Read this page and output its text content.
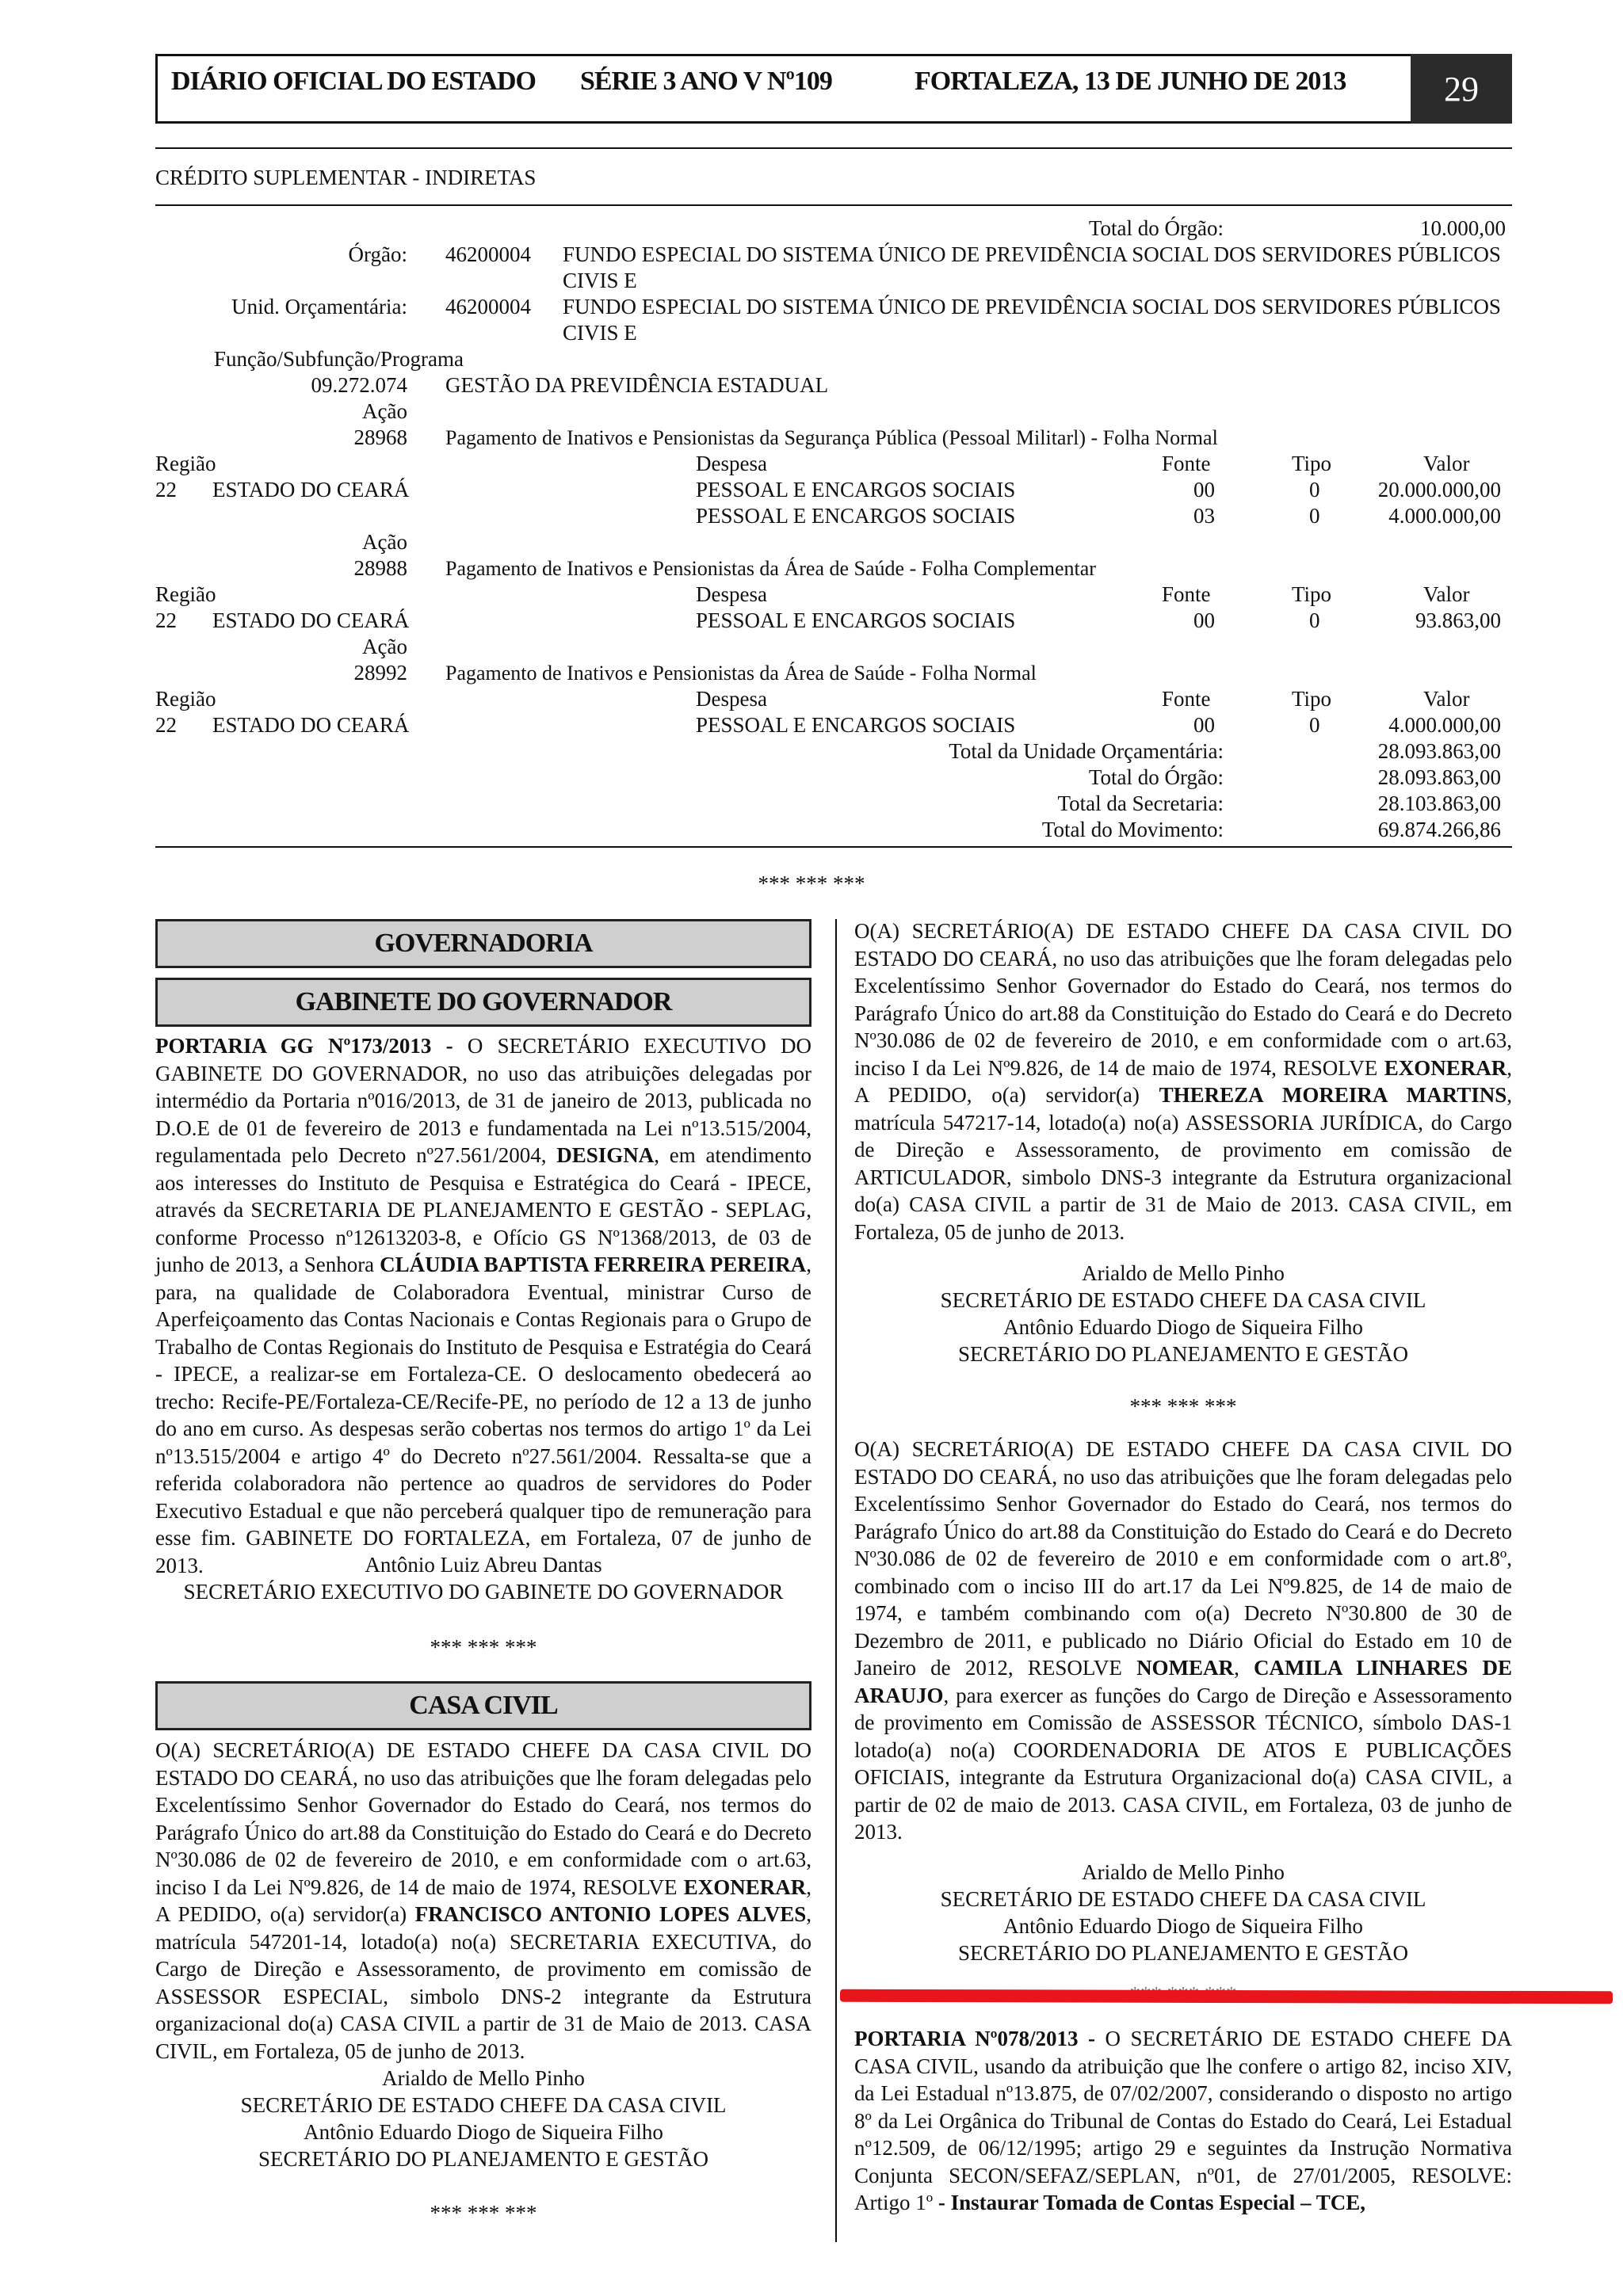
DIÁRIO OFICIAL DO ESTADO SÉRIE 3 ANO V Nº109	FORTALEZA, 13 DE JUNHO DE 2013	29
CRÉDITO SUPLEMENTAR - INDIRETAS
Total do Órgão:	10.000,00
Órgão: 46200004 FUNDO ESPECIAL DO SISTEMA ÚNICO DE PREVIDÊNCIA SOCIAL DOS SERVIDORES PÚBLICOS
CIVIS E
Unid. Orçamentária: 46200004 FUNDO ESPECIAL DO SISTEMA ÚNICO DE PREVIDÊNCIA SOCIAL DOS SERVIDORES PÚBLICOS
CIVIS E
Função/Subfunção/Programa
09.272.074 GESTÃO DA PREVIDÊNCIA ESTADUAL
Ação
28968 Pagamento de Inativos e Pensionistas da Segurança Pública (Pessoal Militarl) - Folha Normal
Região	Despesa	Fonte	Tipo	Valor
22 ESTADO DO CEARÁ	PESSOAL E ENCARGOS SOCIAIS	00	0	20.000.000,00
PESSOAL E ENCARGOS SOCIAIS	03	0	4.000.000,00
Ação
28988 Pagamento de Inativos e Pensionistas da Área de Saúde - Folha Complementar
Região	Despesa	Fonte	Tipo	Valor
22 ESTADO DO CEARÁ	PESSOAL E ENCARGOS SOCIAIS	00	0	93.863,00
Ação
28992 Pagamento de Inativos e Pensionistas da Área de Saúde - Folha Normal
Região	Despesa	Fonte	Tipo	Valor
22 ESTADO DO CEARÁ	PESSOAL E ENCARGOS SOCIAIS	00	0	4.000.000,00
Total da Unidade Orçamentária:	28.093.863,00
Total do Órgão:	28.093.863,00
Total da Secretaria:	28.103.863,00
Total do Movimento:	69.874.266,86
*** *** ***
GOVERNADORIA
GABINETE DO GOVERNADOR

PORTARIA GG Nº173/2013 - O SECRETÁRIO EXECUTIVO DO GABINETE DO GOVERNADOR, no uso das atribuições delegadas por intermédio da Portaria nº016/2013, de 31 de janeiro de 2013, publicada no D.O.E de 01 de fevereiro de 2013 e fundamentada na Lei nº13.515/2004, regulamentada pelo Decreto nº27.561/2004, DESIGNA, em atendimento aos interesses do Instituto de Pesquisa e Estratégica do Ceará - IPECE, através da SECRETARIA DE PLANEJAMENTO E GESTÃO - SEPLAG, conforme Processo nº12613203-8, e Ofício GS Nº1368/2013, de 03 de junho de 2013, a Senhora CLÁUDIA BAPTISTA FERREIRA PEREIRA, para, na qualidade de Colaboradora Eventual, ministrar Curso de Aperfeiçoamento das Contas Nacionais e Contas Regionais para o Grupo de Trabalho de Contas Regionais do Instituto de Pesquisa e Estratégia do Ceará - IPECE, a realizar-se em Fortaleza-CE. O deslocamento obedecerá ao trecho: Recife-PE/Fortaleza-CE/Recife-PE, no período de 12 a 13 de junho do ano em curso. As despesas serão cobertas nos termos do artigo 1º da Lei nº13.515/2004 e artigo 4º do Decreto nº27.561/2004. Ressalta-se que a referida colaboradora não pertence ao quadros de servidores do Poder Executivo Estadual e que não perceberá qualquer tipo de remuneração para esse fim. GABINETE DO FORTALEZA, em Fortaleza, 07 de junho de 2013.	Antônio Luiz Abreu Dantas
SECRETÁRIO EXECUTIVO DO GABINETE DO GOVERNADOR
*** *** ***
CASA CIVIL

O(A) SECRETÁRIO(A) DE ESTADO CHEFE DA CASA CIVIL DO ESTADO DO CEARÁ, no uso das atribuições que lhe foram delegadas pelo Excelentíssimo Senhor Governador do Estado do Ceará, nos termos do Parágrafo Único do art.88 da Constituição do Estado do Ceará e do Decreto Nº30.086 de 02 de fevereiro de 2010, e em conformidade com o art.63, inciso I da Lei Nº9.826, de 14 de maio de 1974, RESOLVE EXONERAR, A PEDIDO, o(a) servidor(a) FRANCISCO ANTONIO LOPES ALVES, matrícula 547201-14, lotado(a) no(a) SECRETARIA EXECUTIVA, do Cargo de Direção e Assessoramento, de provimento em comissão de ASSESSOR ESPECIAL, simbolo DNS-2 integrante da Estrutura organizacional do(a) CASA CIVIL a partir de 31 de Maio de 2013. CASA CIVIL, em Fortaleza, 05 de junho de 2013.

Arialdo de Mello Pinho
SECRETÁRIO DE ESTADO CHEFE DA CASA CIVIL
Antônio Eduardo Diogo de Siqueira Filho
SECRETÁRIO DO PLANEJAMENTO E GESTÃO
*** *** ***

O(A) SECRETÁRIO(A) DE ESTADO CHEFE DA CASA CIVIL DO ESTADO DO CEARÁ, no uso das atribuições que lhe foram delegadas pelo Excelentíssimo Senhor Governador do Estado do Ceará, nos termos do Parágrafo Único do art.88 da Constituição do Estado do Ceará e do Decreto Nº30.086 de 02 de fevereiro de 2010, e em conformidade com o art.63, inciso I da Lei Nº9.826, de 14 de maio de 1974, RESOLVE EXONERAR, A PEDIDO, o(a) servidor(a) THEREZA MOREIRA MARTINS, matrícula 547217-14, lotado(a) no(a) ASSESSORIA JURÍDICA, do Cargo de Direção e Assessoramento, de provimento em comissão de ARTICULADOR, simbolo DNS-3 integrante da Estrutura organizacional do(a) CASA CIVIL a partir de 31 de Maio de 2013. CASA CIVIL, em Fortaleza, 05 de junho de 2013.

Arialdo de Mello Pinho
SECRETÁRIO DE ESTADO CHEFE DA CASA CIVIL
Antônio Eduardo Diogo de Siqueira Filho
SECRETÁRIO DO PLANEJAMENTO E GESTÃO
*** *** ***

O(A) SECRETÁRIO(A) DE ESTADO CHEFE DA CASA CIVIL DO ESTADO DO CEARÁ, no uso das atribuições que lhe foram delegadas pelo Excelentíssimo Senhor Governador do Estado do Ceará, nos termos do Parágrafo Único do art.88 da Constituição do Estado do Ceará e do Decreto Nº30.086 de 02 de fevereiro de 2010 e em conformidade com o art.8º, combinado com o inciso III do art.17 da Lei Nº9.825, de 14 de maio de 1974, e também combinando com o(a) Decreto Nº30.800 de 30 de Dezembro de 2011, e publicado no Diário Oficial do Estado em 10 de Janeiro de 2012, RESOLVE NOMEAR, CAMILA LINHARES DE ARAUJO, para exercer as funções do Cargo de Direção e Assessoramento de provimento em Comissão de ASSESSOR TÉCNICO, símbolo DAS-1 lotado(a) no(a) COORDENADORIA DE ATOS E PUBLICAÇÕES OFICIAIS, integrante da Estrutura Organizacional do(a) CASA CIVIL, a partir de 02 de maio de 2013. CASA CIVIL, em Fortaleza, 03 de junho de 2013.

Arialdo de Mello Pinho
SECRETÁRIO DE ESTADO CHEFE DA CASA CIVIL
Antônio Eduardo Diogo de Siqueira Filho
SECRETÁRIO DO PLANEJAMENTO E GESTÃO

PORTARIA Nº078/2013 - O SECRETÁRIO DE ESTADO CHEFE DA CASA CIVIL, usando da atribuição que lhe confere o artigo 82, inciso XIV, da Lei Estadual nº13.875, de 07/02/2007, considerando o disposto no artigo 8º da Lei Orgânica do Tribunal de Contas do Estado do Ceará, Lei Estadual nº12.509, de 06/12/1995; artigo 29 e seguintes da Instrução Normativa Conjunta SECON/SEFAZ/SEPLAN, nº01, de 27/01/2005, RESOLVE: Artigo 1º - Instaurar Tomada de Contas Especial – TCE,
